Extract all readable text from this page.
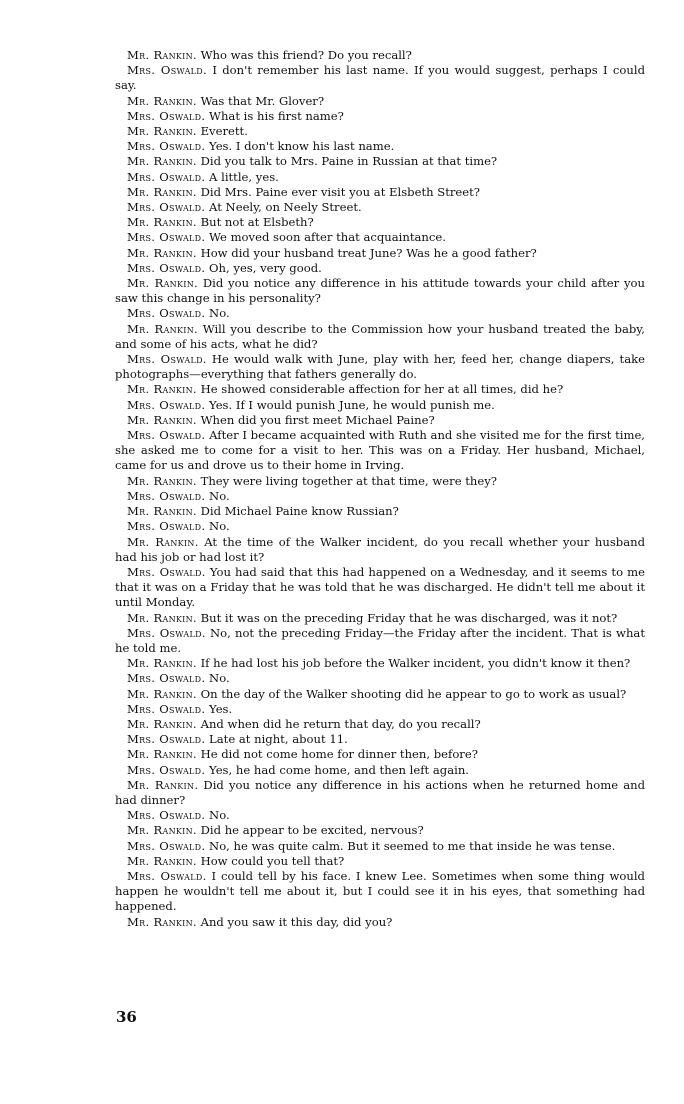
Mr. Rankin. Who was this friend? Do you recall?

Mrs. Oswald. I don't remember his last name. If you would suggest, perhaps I could say.

Mr. Rankin. Was that Mr. Glover?

Mrs. Oswald. What is his first name?

Mr. Rankin. Everett.

Mrs. Oswald. Yes. I don't know his last name.

Mr. Rankin. Did you talk to Mrs. Paine in Russian at that time?

Mrs. Oswald. A little, yes.

Mr. Rankin. Did Mrs. Paine ever visit you at Elsbeth Street?

Mrs. Oswald. At Neely, on Neely Street.

Mr. Rankin. But not at Elsbeth?

Mrs. Oswald. We moved soon after that acquaintance.

Mr. Rankin. How did your husband treat June? Was he a good father?

Mrs. Oswald. Oh, yes, very good.

Mr. Rankin. Did you notice any difference in his attitude towards your child after you saw this change in his personality?

Mrs. Oswald. No.

Mr. Rankin. Will you describe to the Commission how your husband treated the baby, and some of his acts, what he did?

Mrs. Oswald. He would walk with June, play with her, feed her, change diapers, take photographs—everything that fathers generally do.

Mr. Rankin. He showed considerable affection for her at all times, did he?

Mrs. Oswald. Yes. If I would punish June, he would punish me.

Mr. Rankin. When did you first meet Michael Paine?

Mrs. Oswald. After I became acquainted with Ruth and she visited me for the first time, she asked me to come for a visit to her. This was on a Friday. Her husband, Michael, came for us and drove us to their home in Irving.

Mr. Rankin. They were living together at that time, were they?

Mrs. Oswald. No.

Mr. Rankin. Did Michael Paine know Russian?

Mrs. Oswald. No.

Mr. Rankin. At the time of the Walker incident, do you recall whether your husband had his job or had lost it?

Mrs. Oswald. You had said that this had happened on a Wednesday, and it seems to me that it was on a Friday that he was told that he was discharged. He didn't tell me about it until Monday.

Mr. Rankin. But it was on the preceding Friday that he was discharged, was it not?

Mrs. Oswald. No, not the preceding Friday—the Friday after the incident. That is what he told me.

Mr. Rankin. If he had lost his job before the Walker incident, you didn't know it then?

Mrs. Oswald. No.

Mr. Rankin. On the day of the Walker shooting did he appear to go to work as usual?

Mrs. Oswald. Yes.

Mr. Rankin. And when did he return that day, do you recall?

Mrs. Oswald. Late at night, about 11.

Mr. Rankin. He did not come home for dinner then, before?

Mrs. Oswald. Yes, he had come home, and then left again.

Mr. Rankin. Did you notice any difference in his actions when he returned home and had dinner?

Mrs. Oswald. No.

Mr. Rankin. Did he appear to be excited, nervous?

Mrs. Oswald. No, he was quite calm. But it seemed to me that inside he was tense.

Mr. Rankin. How could you tell that?

Mrs. Oswald. I could tell by his face. I knew Lee. Sometimes when some thing would happen he wouldn't tell me about it, but I could see it in his eyes, that something had happened.

Mr. Rankin. And you saw it this day, did you?

36
